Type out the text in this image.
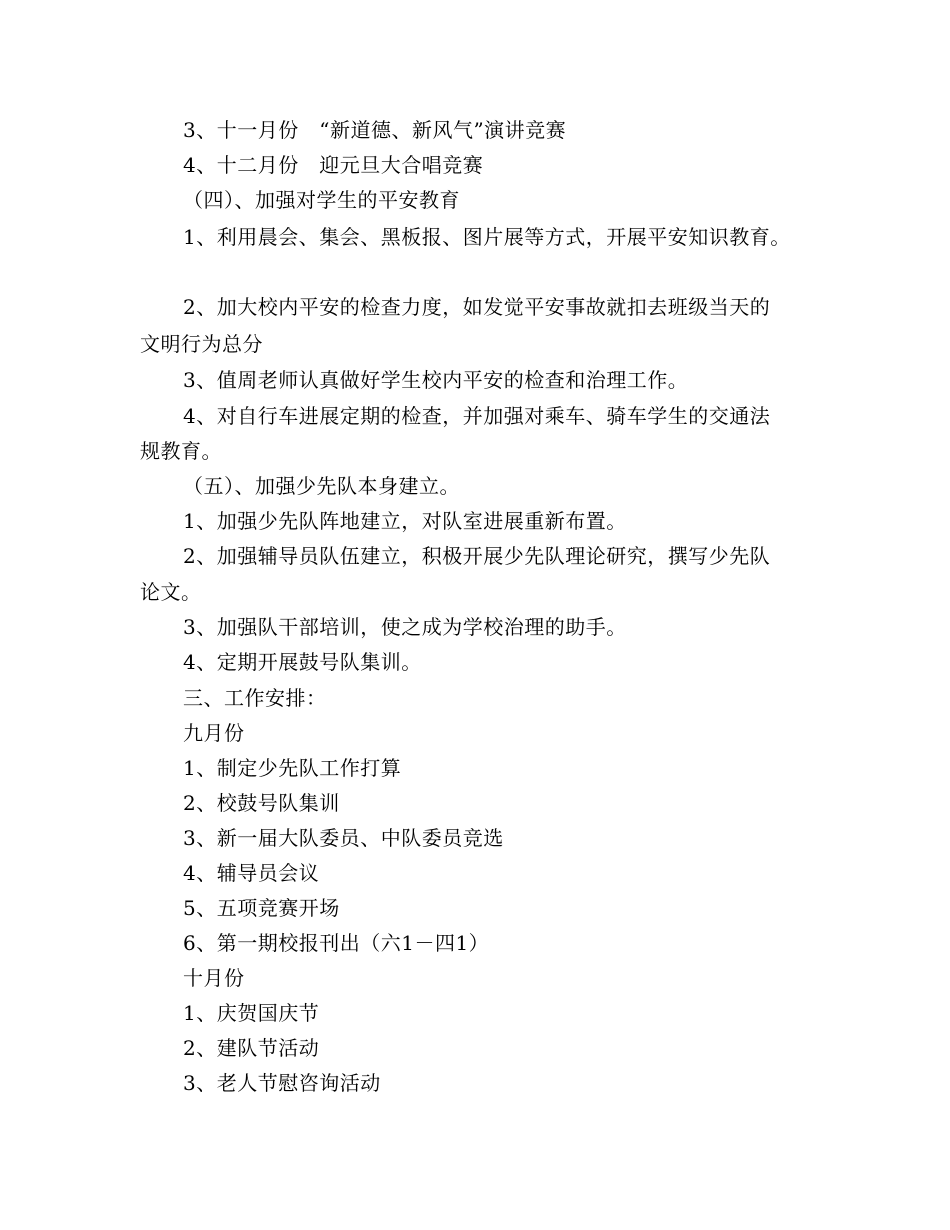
3、十一月份　“新道德、新风气”演讲竞赛
4、十二月份　迎元旦大合唱竞赛
（四）、加强对学生的平安教育
1、利用晨会、集会、黑板报、图片展等方式，开展平安知识教育。
2、加大校内平安的检查力度，如发觉平安事故就扣去班级当天的
文明行为总分
3、值周老师认真做好学生校内平安的检查和治理工作。
4、对自行车进展定期的检查，并加强对乘车、骑车学生的交通法
规教育。
（五）、加强少先队本身建立。
1、加强少先队阵地建立，对队室进展重新布置。
2、加强辅导员队伍建立，积极开展少先队理论研究，撰写少先队
论文。
3、加强队干部培训，使之成为学校治理的助手。
4、定期开展鼓号队集训。
三、工作安排：
九月份
1、制定少先队工作打算
2、校鼓号队集训
3、新一届大队委员、中队委员竞选
4、辅导员会议
5、五项竞赛开场
6、第一期校报刊出（六1－四1）
十月份
1、庆贺国庆节
2、建队节活动
3、老人节慰咨询活动
